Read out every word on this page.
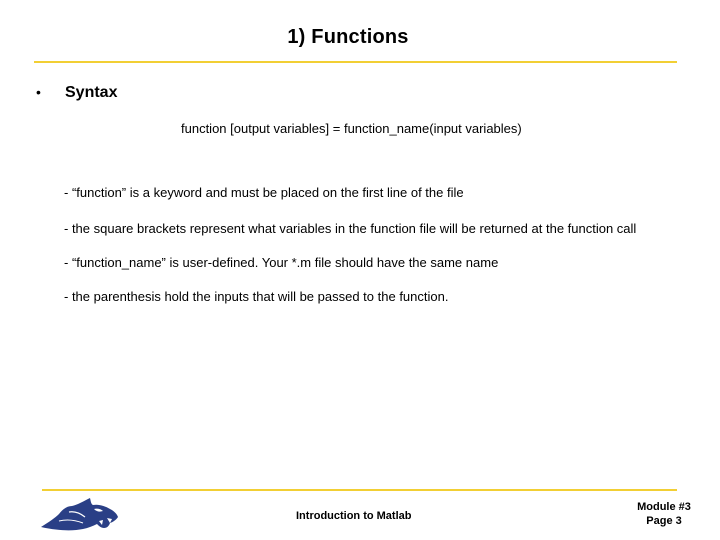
1) Functions
• Syntax
function [output variables] = function_name(input variables)
- “function” is a keyword and must be placed on the first line of the file
- the square brackets represent what variables in the function file will be returned at the function call
- “function_name” is user-defined. Your *.m file should have the same name
- the parenthesis hold the inputs that will be passed to the function.
Introduction to Matlab
Module #3
Page 3
